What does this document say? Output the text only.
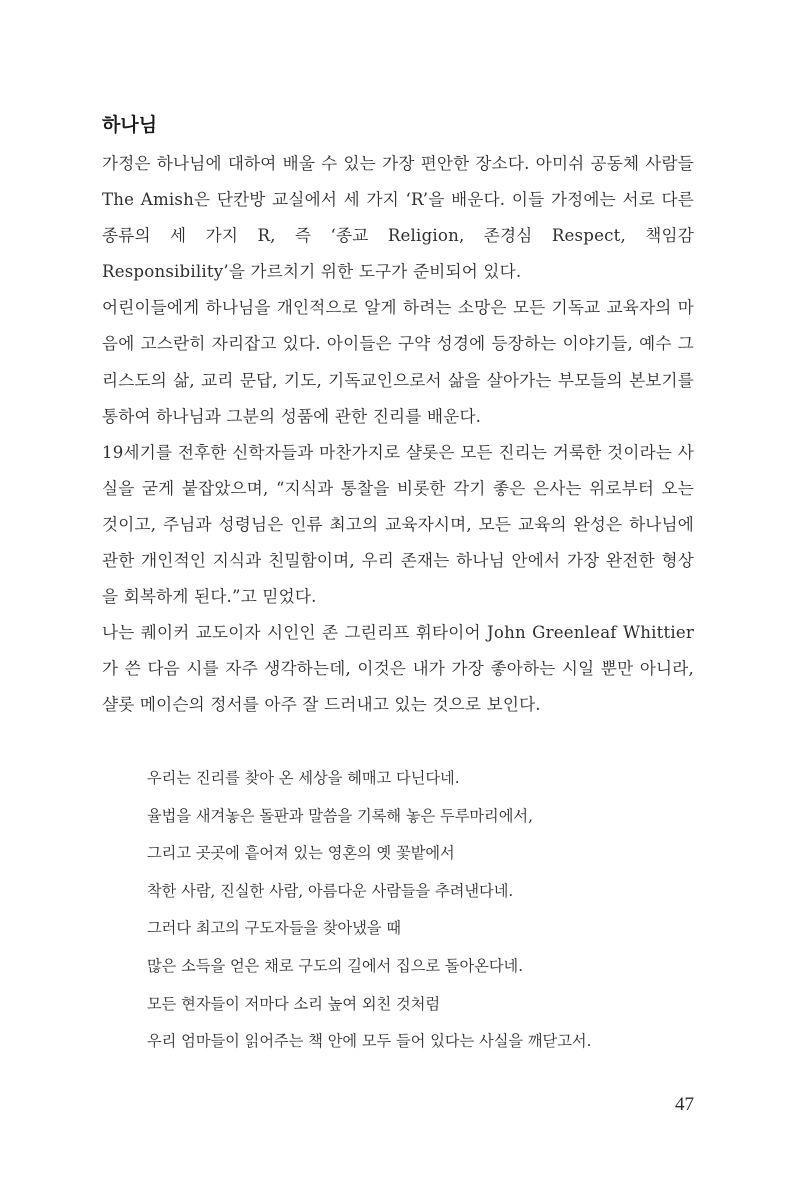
하나님

가정은 하나님에 대하여 배울 수 있는 가장 편안한 장소다. 아미쉬 공동체 사람들 The Amish은 단칸방 교실에서 세 가지 ‘R’을 배운다. 이들 가정에는 서로 다른 종류의 세 가지 R, 즉 ‘종교 Religion, 존경심 Respect, 책임감 Responsibility’을 가르치기 위한 도구가 준비되어 있다.

어린이들에게 하나님을 개인적으로 알게 하려는 소망은 모든 기독교 교육자의 마음에 고스란히 자리잡고 있다. 아이들은 구약 성경에 등장하는 이야기들, 예수 그리스도의 삶, 교리 문답, 기도, 기독교인으로서 삶을 살아가는 부모들의 본보기를 통하여 하나님과 그분의 성품에 관한 진리를 배운다.

19세기를 전후한 신학자들과 마찬가지로 샬롯은 모든 진리는 거룩한 것이라는 사실을 굳게 붙잡았으며, “지식과 통찰을 비롯한 각기 좋은 은사는 위로부터 오는 것이고, 주님과 성령님은 인류 최고의 교육자시며, 모든 교육의 완성은 하나님에 관한 개인적인 지식과 친밀함이며, 우리 존재는 하나님 안에서 가장 완전한 형상을 회복하게 된다.”고 믿었다.

나는 퀘이커 교도이자 시인인 존 그린리프 휘타이어 John Greenleaf Whittier가 쓴 다음 시를 자주 생각하는데, 이것은 내가 가장 좋아하는 시일 뿐만 아니라, 샬롯 메이슨의 정서를 아주 잘 드러내고 있는 것으로 보인다.

우리는 진리를 찾아 온 세상을 헤매고 다닌다네.
율법을 새겨놓은 돌판과 말씀을 기록해 놓은 두루마리에서,
그리고 곳곳에 흩어져 있는 영혼의 옛 꽃밭에서
착한 사람, 진실한 사람, 아름다운 사람들을 추려낸다네.
그러다 최고의 구도자들을 찾아냈을 때
많은 소득을 얻은 채로 구도의 길에서 집으로 돌아온다네.
모든 현자들이 저마다 소리 높여 외친 것처럼
우리 엄마들이 읽어주는 책 안에 모두 들어 있다는 사실을 깨닫고서.
47
